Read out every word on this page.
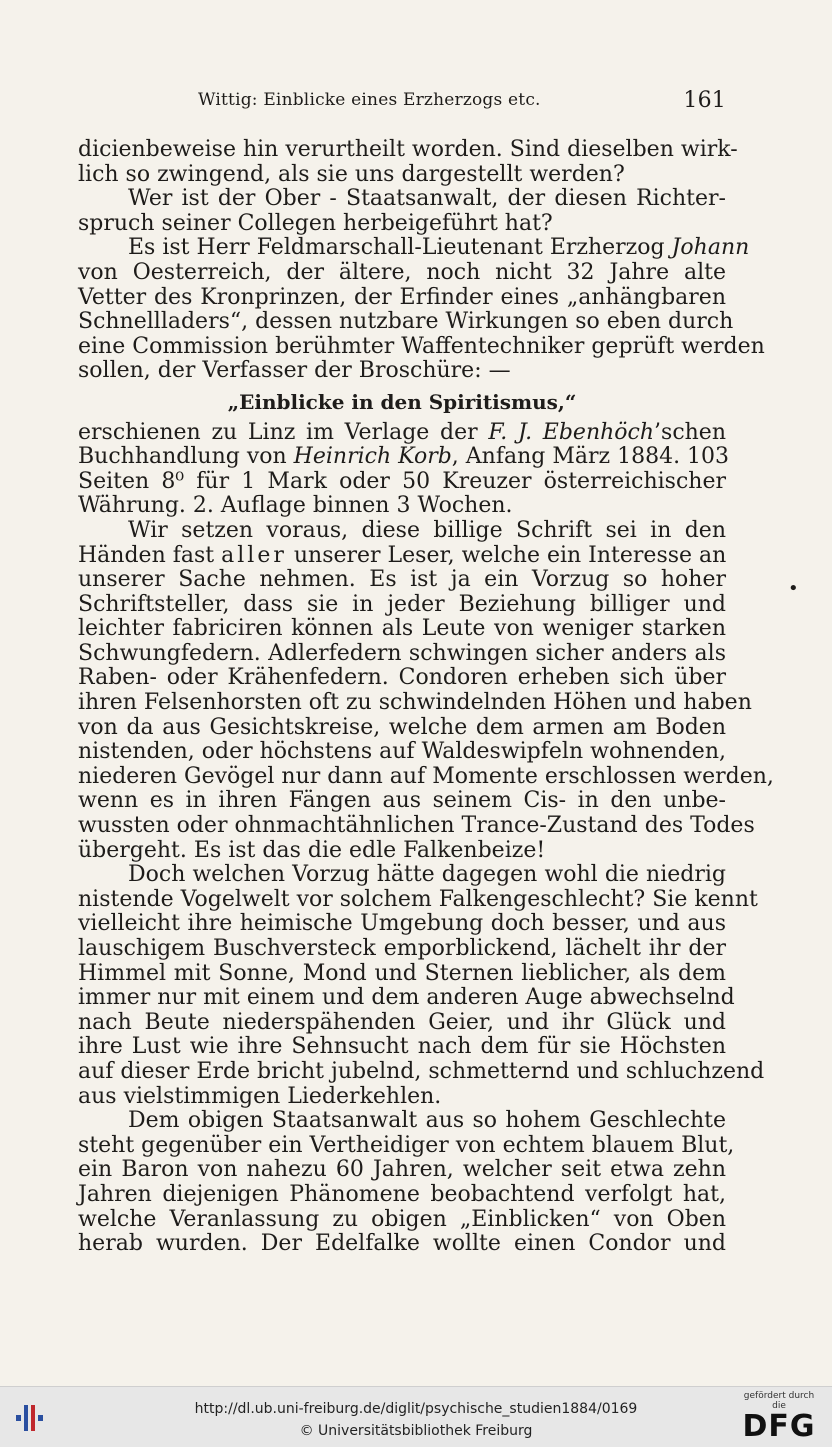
Wittig: Einblicke eines Erzherzogs etc.	161
dicienbeweise hin verurtheilt worden. Sind dieselben wirk-
lich so zwingend, als sie uns dargestellt werden?
Wer ist der Ober - Staatsanwalt, der diesen Richter-
spruch seiner Collegen herbeigeführt hat?
Es ist Herr Feldmarschall-Lieutenant Erzherzog Johann
von Oesterreich, der ältere, noch nicht 32 Jahre alte
Vetter des Kronprinzen, der Erfinder eines „anhängbaren
Schnellladers“, dessen nutzbare Wirkungen so eben durch
eine Commission berühmter Waffentechniker geprüft werden
sollen, der Verfasser der Broschüre: —
„Einblicke in den Spiritismus,“
erschienen zu Linz im Verlage der F. J. Ebenhöch’schen
Buchhandlung von Heinrich Korb, Anfang März 1884. 103
Seiten 8⁰ für 1 Mark oder 50 Kreuzer österreichischer
Währung. 2. Auflage binnen 3 Wochen.
Wir setzen voraus, diese billige Schrift sei in den
Händen fast aller unserer Leser, welche ein Interesse an
unserer Sache nehmen. Es ist ja ein Vorzug so hoher
Schriftsteller, dass sie in jeder Beziehung billiger und
leichter fabriciren können als Leute von weniger starken
Schwungfedern. Adlerfedern schwingen sicher anders als
Raben- oder Krähenfedern. Condoren erheben sich über
ihren Felsenhorsten oft zu schwindelnden Höhen und haben
von da aus Gesichtskreise, welche dem armen am Boden
nistenden, oder höchstens auf Waldeswipfeln wohnenden,
niederen Gevögel nur dann auf Momente erschlossen werden,
wenn es in ihren Fängen aus seinem Cis- in den unbe-
wussten oder ohnmachtähnlichen Trance-Zustand des Todes
übergeht. Es ist das die edle Falkenbeize!
Doch welchen Vorzug hätte dagegen wohl die niedrig
nistende Vogelwelt vor solchem Falkengeschlecht? Sie kennt
vielleicht ihre heimische Umgebung doch besser, und aus
lauschigem Buschversteck emporblickend, lächelt ihr der
Himmel mit Sonne, Mond und Sternen lieblicher, als dem
immer nur mit einem und dem anderen Auge abwechselnd
nach Beute niederspähenden Geier, und ihr Glück und
ihre Lust wie ihre Sehnsucht nach dem für sie Höchsten
auf dieser Erde bricht jubelnd, schmetternd und schluchzend
aus vielstimmigen Liederkehlen.
Dem obigen Staatsanwalt aus so hohem Geschlechte
steht gegenüber ein Vertheidiger von echtem blauem Blut,
ein Baron von nahezu 60 Jahren, welcher seit etwa zehn
Jahren diejenigen Phänomene beobachtend verfolgt hat,
welche Veranlassung zu obigen „Einblicken“ von Oben
herab wurden. Der Edelfalke wollte einen Condor und
•
http://dl.ub.uni-freiburg.de/diglit/psychische_studien1884/0169
© Universitätsbibliothek Freiburg
gefördert durch die
DFG
